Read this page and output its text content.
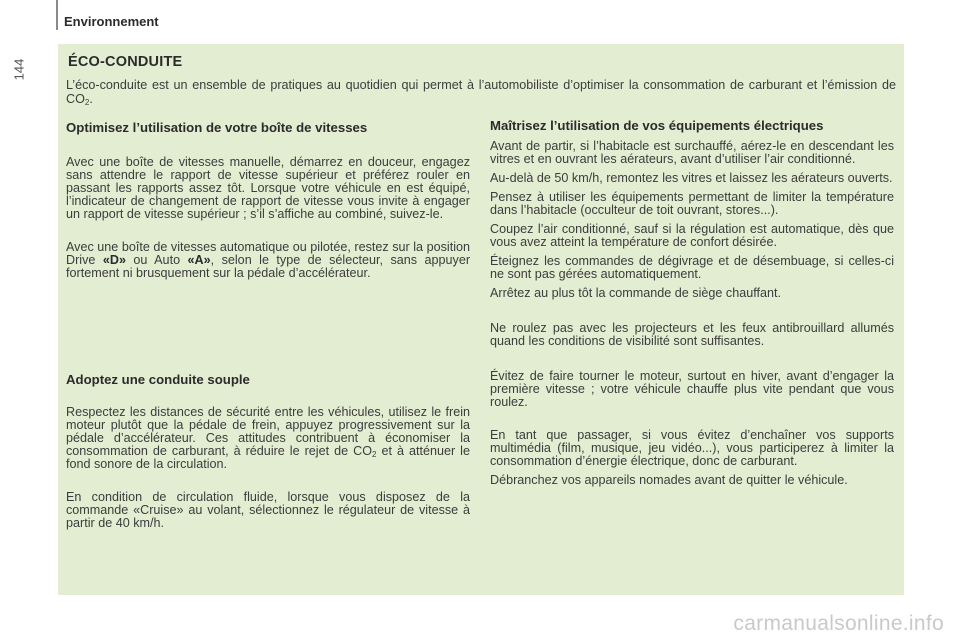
144
Environnement
ÉCO-CONDUITE

L’éco-conduite est un ensemble de pratiques au quotidien qui permet à l’automobiliste d’optimiser la consommation de carburant et l’émission de $CO_2$.

Optimisez l’utilisation de votre boîte de vitesses

Avec une boîte de vitesses manuelle, démarrez en douceur, engagez sans attendre le rapport de vitesse supérieur et préférez rouler en passant les rapports assez tôt. Lorsque votre véhicule en est équipé, l’indicateur de changement de rapport de vitesse vous invite à engager un rapport de vitesse supérieur ; s’il s’affiche au combiné, suivez-le.

Avec une boîte de vitesses automatique ou pilotée, restez sur la position Drive «D» ou Auto «A», selon le type de sélecteur, sans appuyer fortement ni brusquement sur la pédale d’accélérateur.

Adoptez une conduite souple

Respectez les distances de sécurité entre les véhicules, utilisez le frein moteur plutôt que la pédale de frein, appuyez progressivement sur la pédale d’accélérateur. Ces attitudes contribuent à économiser la consommation de carburant, à réduire le rejet de $CO_2$ et à atténuer le fond sonore de la circulation.

En condition de circulation fluide, lorsque vous disposez de la commande «Cruise» au volant, sélectionnez le régulateur de vitesse à partir de 40 km/h.

Maîtrisez l’utilisation de vos équipements électriques

Avant de partir, si l’habitacle est surchauffé, aérez-le en descendant les vitres et en ouvrant les aérateurs, avant d’utiliser l’air conditionné.

Au-delà de 50 km/h, remontez les vitres et laissez les aérateurs ouverts.

Pensez à utiliser les équipements permettant de limiter la température dans l’habitacle (occulteur de toit ouvrant, stores...).

Coupez l’air conditionné, sauf si la régulation est automatique, dès que vous avez atteint la température de confort désirée.

Éteignez les commandes de dégivrage et de désembuage, si celles-ci ne sont pas gérées automatiquement.

Arrêtez au plus tôt la commande de siège chauffant.

Ne roulez pas avec les projecteurs et les feux antibrouillard allumés quand les conditions de visibilité sont suffisantes.

Évitez de faire tourner le moteur, surtout en hiver, avant d’engager la première vitesse ; votre véhicule chauffe plus vite pendant que vous roulez.

En tant que passager, si vous évitez d’enchaîner vos supports multimédia (film, musique, jeu vidéo...), vous participerez à limiter la consommation d’énergie électrique, donc de carburant.

Débranchez vos appareils nomades avant de quitter le véhicule.

carmanualsonline.info
